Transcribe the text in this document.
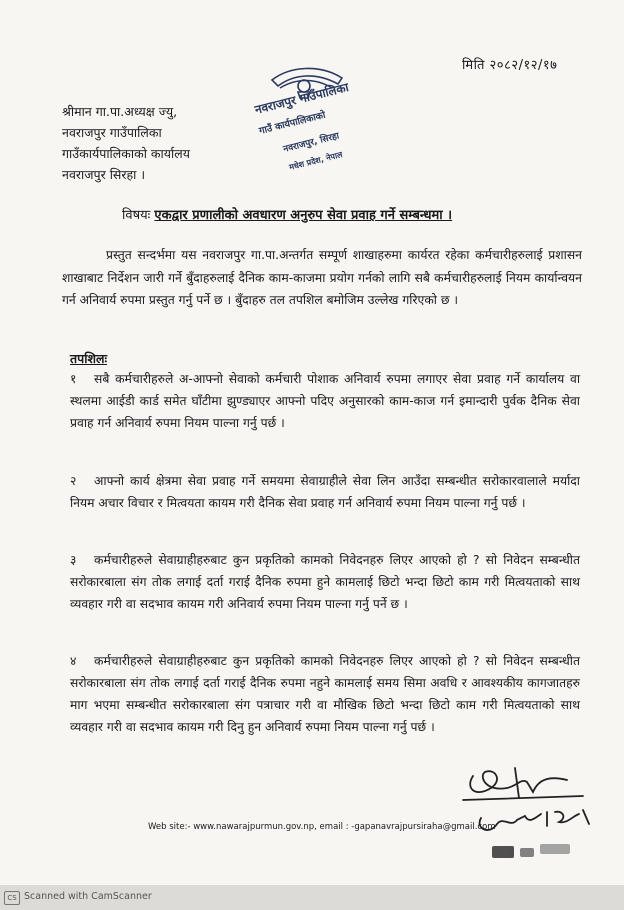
मिति २०८२/१२/१७
नवराजपुर गाउँपालिका
गाउँ कार्यपालिकाको
नवराजपुर, सिरहा
मधेश प्रदेश, नेपाल
श्रीमान गा.पा.अध्यक्ष ज्यु,
नवराजपुर गाउँपालिका
गाउँकार्यपालिकाको कार्यालय
नवराजपुर सिरहा ।
विषयः एकद्वार प्रणालीको अवधारण अनुरुप सेवा प्रवाह गर्ने सम्बन्धमा ।
प्रस्तुत सन्दर्भमा यस नवराजपुर गा.पा.अन्तर्गत सम्पूर्ण शाखाहरुमा कार्यरत रहेका कर्मचारीहरुलाई प्रशासन शाखाबाट निर्देशन जारी गर्ने बुँदाहरुलाई दैनिक काम-काजमा प्रयोग गर्नको लागि सबै कर्मचारीहरुलाई नियम कार्यान्वयन गर्न अनिवार्य रुपमा प्रस्तुत गर्नु पर्ने छ । बुँदाहरु तल तपशिल बमोजिम उल्लेख गरिएको छ ।
तपशिलः
१ सबै कर्मचारीहरुले अ-आफ्नो सेवाको कर्मचारी पोशाक अनिवार्य रुपमा लगाएर सेवा प्रवाह गर्ने कार्यालय वा स्थलमा आईडी कार्ड समेत घाँटीमा झुण्ड्याएर आफ्नो पदिए अनुसारको काम-काज गर्न इमान्दारी पुर्वक दैनिक सेवा प्रवाह गर्न अनिवार्य रुपमा नियम पाल्ना गर्नु पर्छ ।
२ आफ्नो कार्य क्षेत्रमा सेवा प्रवाह गर्ने समयमा सेवाग्राहीले सेवा लिन आउँदा सम्बन्धीत सरोकारवालाले मर्यादा नियम अचार विचार र मित्वयता कायम गरी दैनिक सेवा प्रवाह गर्न अनिवार्य रुपमा नियम पाल्ना गर्नु पर्छ ।
३ कर्मचारीहरुले सेवाग्राहीहरुबाट कुन प्रकृतिको कामको निवेदनहरु लिएर आएको हो ? सो निवेदन सम्बन्धीत सरोकारबाला संग तोक लगाई दर्ता गराई दैनिक रुपमा हुने कामलाई छिटो भन्दा छिटो काम गरी मित्वयताको साथ व्यवहार गरी वा सदभाव कायम गरी अनिवार्य रुपमा नियम पाल्ना गर्नु पर्ने छ ।
४ कर्मचारीहरुले सेवाग्राहीहरुबाट कुन प्रकृतिको कामको निवेदनहरु लिएर आएको हो ? सो निवेदन सम्बन्धीत सरोकारबाला संग तोक लगाई दर्ता गराई दैनिक रुपमा नहुने कामलाई समय सिमा अवधि र आवश्यकीय कागजातहरु माग भएमा सम्बन्धीत सरोकारबाला संग पत्राचार गरी वा मौखिक छिटो भन्दा छिटो काम गरी मित्वयताको साथ व्यवहार गरी वा सदभाव कायम गरी दिनु हुन अनिवार्य रुपमा नियम पाल्ना गर्नु पर्छ ।
Web site:- www.nawarajpurmun.gov.np, email : -gapanavrajpursiraha@gmail.com
CS Scanned with CamScanner
